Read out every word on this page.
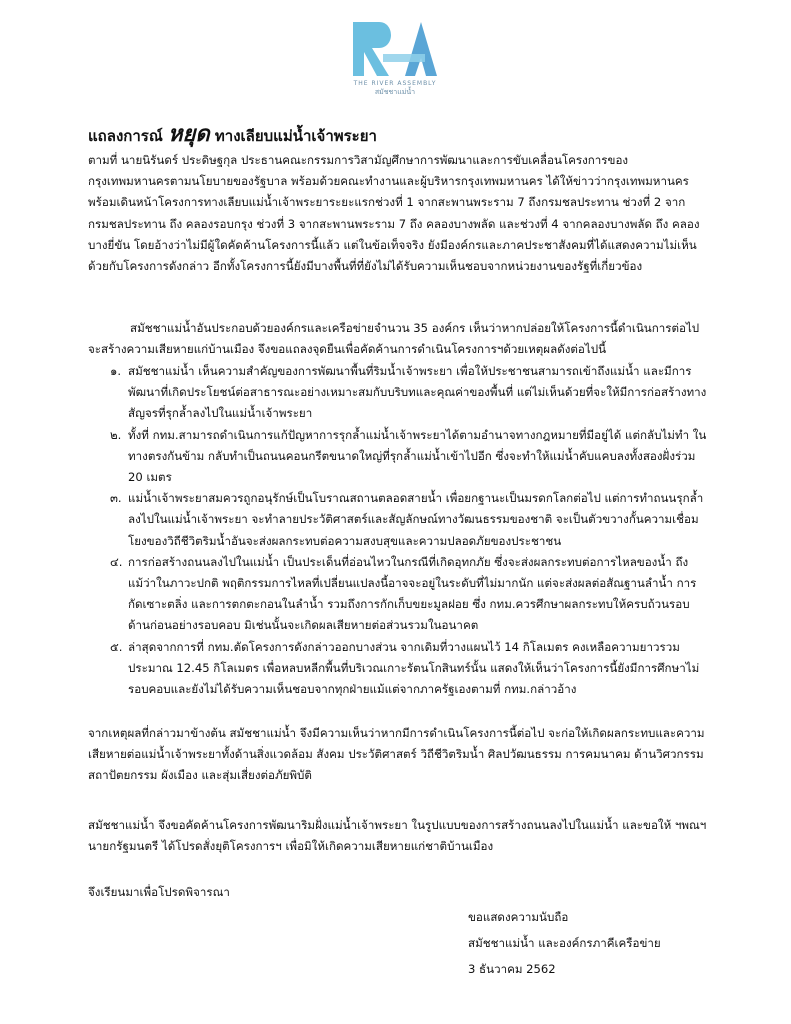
THE RIVER ASSEMBLY
สมัชชาแม่น้ำ
แถลงการณ์ หยุด ทางเลียบแม่น้ำเจ้าพระยา

ตามที่ นายนิรันดร์ ประดิษฐกุล ประธานคณะกรรมการวิสามัญศึกษาการพัฒนาและการขับเคลื่อนโครงการของกรุงเทพมหานครตามนโยบายของรัฐบาล พร้อมด้วยคณะทำงานและผู้บริหารกรุงเทพมหานคร ได้ให้ข่าวว่ากรุงเทพมหานครพร้อมเดินหน้าโครงการทางเลียบแม่น้ำเจ้าพระยาระยะแรกช่วงที่ 1 จากสะพานพระราม 7 ถึงกรมชลประทาน ช่วงที่ 2 จากกรมชลประทาน ถึง คลองรอบกรุง ช่วงที่ 3 จากสะพานพระราม 7 ถึง คลองบางพลัด และช่วงที่ 4 จากคลองบางพลัด ถึง คลองบางยี่ขัน โดยอ้างว่าไม่มีผู้ใดคัดค้านโครงการนี้แล้ว แต่ในข้อเท็จจริง ยังมีองค์กรและภาคประชาสังคมที่ได้แสดงความไม่เห็นด้วยกับโครงการดังกล่าว อีกทั้งโครงการนี้ยังมีบางพื้นที่ที่ยังไม่ได้รับความเห็นชอบจากหน่วยงานของรัฐที่เกี่ยวข้อง

สมัชชาแม่น้ำอันประกอบด้วยองค์กรและเครือข่ายจำนวน 35 องค์กร เห็นว่าหากปล่อยให้โครงการนี้ดำเนินการต่อไปจะสร้างความเสียหายแก่บ้านเมือง จึงขอแถลงจุดยืนเพื่อคัดค้านการดำเนินโครงการฯด้วยเหตุผลดังต่อไปนี้

๑. สมัชชาแม่น้ำ เห็นความสำคัญของการพัฒนาพื้นที่ริมน้ำเจ้าพระยา เพื่อให้ประชาชนสามารถเข้าถึงแม่น้ำ และมีการพัฒนาที่เกิดประโยชน์ต่อสาธารณะอย่างเหมาะสมกับบริบทและคุณค่าของพื้นที่ แต่ไม่เห็นด้วยที่จะให้มีการก่อสร้างทางสัญจรที่รุกล้ำลงไปในแม่น้ำเจ้าพระยา
๒. ทั้งที่ กทม.สามารถดำเนินการแก้ปัญหาการรุกล้ำแม่น้ำเจ้าพระยาได้ตามอำนาจทางกฎหมายที่มีอยู่ได้ แต่กลับไม่ทำ ในทางตรงกันข้าม กลับทำเป็นถนนคอนกรีตขนาดใหญ่ที่รุกล้ำแม่น้ำเข้าไปอีก ซึ่งจะทำให้แม่น้ำคับแคบลงทั้งสองฝั่งร่วม 20 เมตร
๓. แม่น้ำเจ้าพระยาสมควรถูกอนุรักษ์เป็นโบราณสถานตลอดสายน้ำ เพื่อยกฐานะเป็นมรดกโลกต่อไป แต่การทำถนนรุกล้ำลงไปในแม่น้ำเจ้าพระยา จะทำลายประวัติศาสตร์และสัญลักษณ์ทางวัฒนธรรมของชาติ จะเป็นตัวขวางกั้นความเชื่อมโยงของวิถีชีวิตริมน้ำอันจะส่งผลกระทบต่อความสงบสุขและความปลอดภัยของประชาชน
๔. การก่อสร้างถนนลงไปในแม่น้ำ เป็นประเด็นที่อ่อนไหวในกรณีที่เกิดอุทกภัย ซึ่งจะส่งผลกระทบต่อการไหลของน้ำ ถึงแม้ว่าในภาวะปกติ พฤติกรรมการไหลที่เปลี่ยนแปลงนี้อาจจะอยู่ในระดับที่ไม่มากนัก แต่จะส่งผลต่อสัณฐานลำน้ำ การกัดเซาะตลิ่ง และการตกตะกอนในลำน้ำ รวมถึงการกักเก็บขยะมูลฝอย ซึ่ง กทม.ควรศึกษาผลกระทบให้ครบถ้วนรอบด้านก่อนอย่างรอบคอบ มิเช่นนั้นจะเกิดผลเสียหายต่อส่วนรวมในอนาคต
๕. ล่าสุดจากการที่ กทม.ตัดโครงการดังกล่าวออกบางส่วน จากเดิมที่วางแผนไว้ 14 กิโลเมตร คงเหลือความยาวรวมประมาณ 12.45 กิโลเมตร เพื่อหลบหลีกพื้นที่บริเวณเกาะรัตนโกสินทร์นั้น แสดงให้เห็นว่าโครงการนี้ยังมีการศึกษาไม่รอบคอบและยังไม่ได้รับความเห็นชอบจากทุกฝ่ายแม้แต่จากภาครัฐเองตามที่ กทม.กล่าวอ้าง

จากเหตุผลที่กล่าวมาข้างต้น สมัชชาแม่น้ำ จึงมีความเห็นว่าหากมีการดำเนินโครงการนี้ต่อไป จะก่อให้เกิดผลกระทบและความเสียหายต่อแม่น้ำเจ้าพระยาทั้งด้านสิ่งแวดล้อม สังคม ประวัติศาสตร์ วิถีชีวิตริมน้ำ ศิลปวัฒนธรรม การคมนาคม ด้านวิศวกรรม สถาปัตยกรรม ผังเมือง และสุ่มเสี่ยงต่อภัยพิบัติ

สมัชชาแม่น้ำ จึงขอคัดค้านโครงการพัฒนาริมฝั่งแม่น้ำเจ้าพระยา ในรูปแบบของการสร้างถนนลงไปในแม่น้ำ และขอให้ ฯพณฯ นายกรัฐมนตรี ได้โปรดสั่งยุติโครงการฯ เพื่อมิให้เกิดความเสียหายแก่ชาติบ้านเมือง

จึงเรียนมาเพื่อโปรดพิจารณา

ขอแสดงความนับถือ
สมัชชาแม่น้ำ และองค์กรภาคีเครือข่าย
3 ธันวาคม 2562
